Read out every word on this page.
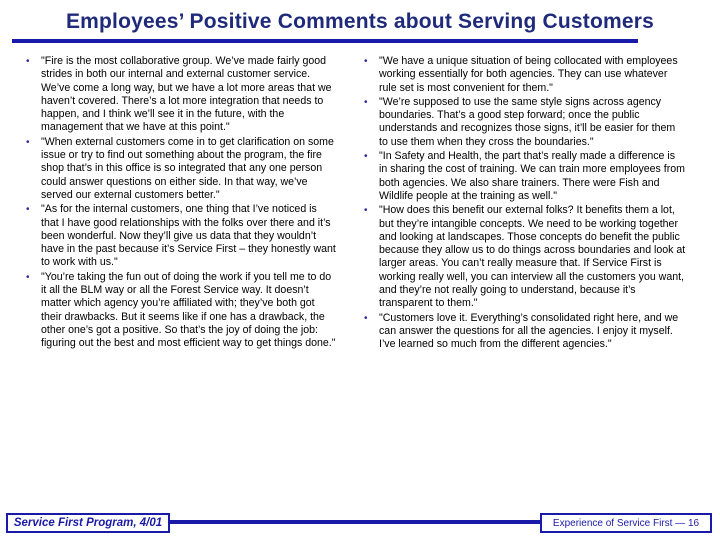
Employees’ Positive Comments about Serving Customers
• "Fire is the most collaborative group. We’ve made fairly good strides in both our internal and external customer service. We’ve come a long way, but we have a lot more areas that we haven’t covered. There’s a lot more integration that needs to happen, and I think we’ll see it in the future, with the management that we have at this point."
• "When external customers come in to get clarification on some issue or try to find out something about the program, the fire shop that’s in this office is so integrated that any one person could answer questions on either side. In that way, we’ve served our external customers better."
• "As for the internal customers, one thing that I’ve noticed is that I have good relationships with the folks over there and it’s been wonderful. Now they’ll give us data that they wouldn’t have in the past because it’s Service First – they honestly want to work with us."
• "You’re taking the fun out of doing the work if you tell me to do it all the BLM way or all the Forest Service way. It doesn’t matter which agency you’re affiliated with; they’ve both got their drawbacks. But it seems like if one has a drawback, the other one’s got a positive. So that’s the joy of doing the job: figuring out the best and most efficient way to get things done."
• "We have a unique situation of being collocated with employees working essentially for both agencies. They can use whatever rule set is most convenient for them."
• "We’re supposed to use the same style signs across agency boundaries. That’s a good step forward; once the public understands and recognizes those signs, it’ll be easier for them to use them when they cross the boundaries."
• "In Safety and Health, the part that’s really made a difference is in sharing the cost of training. We can train more employees from both agencies. We also share trainers. There were Fish and Wildlife people at the training as well."
• "How does this benefit our external folks? It benefits them a lot, but they’re intangible concepts. We need to be working together and looking at landscapes. Those concepts do benefit the public because they allow us to do things across boundaries and look at larger areas. You can’t really measure that. If Service First is working really well, you can interview all the customers you want, and they’re not really going to understand, because it’s transparent to them."
• "Customers love it. Everything’s consolidated right here, and we can answer the questions for all the agencies. I enjoy it myself. I’ve learned so much from the different agencies."
Service First Program, 4/01	Experience of Service First — 16
